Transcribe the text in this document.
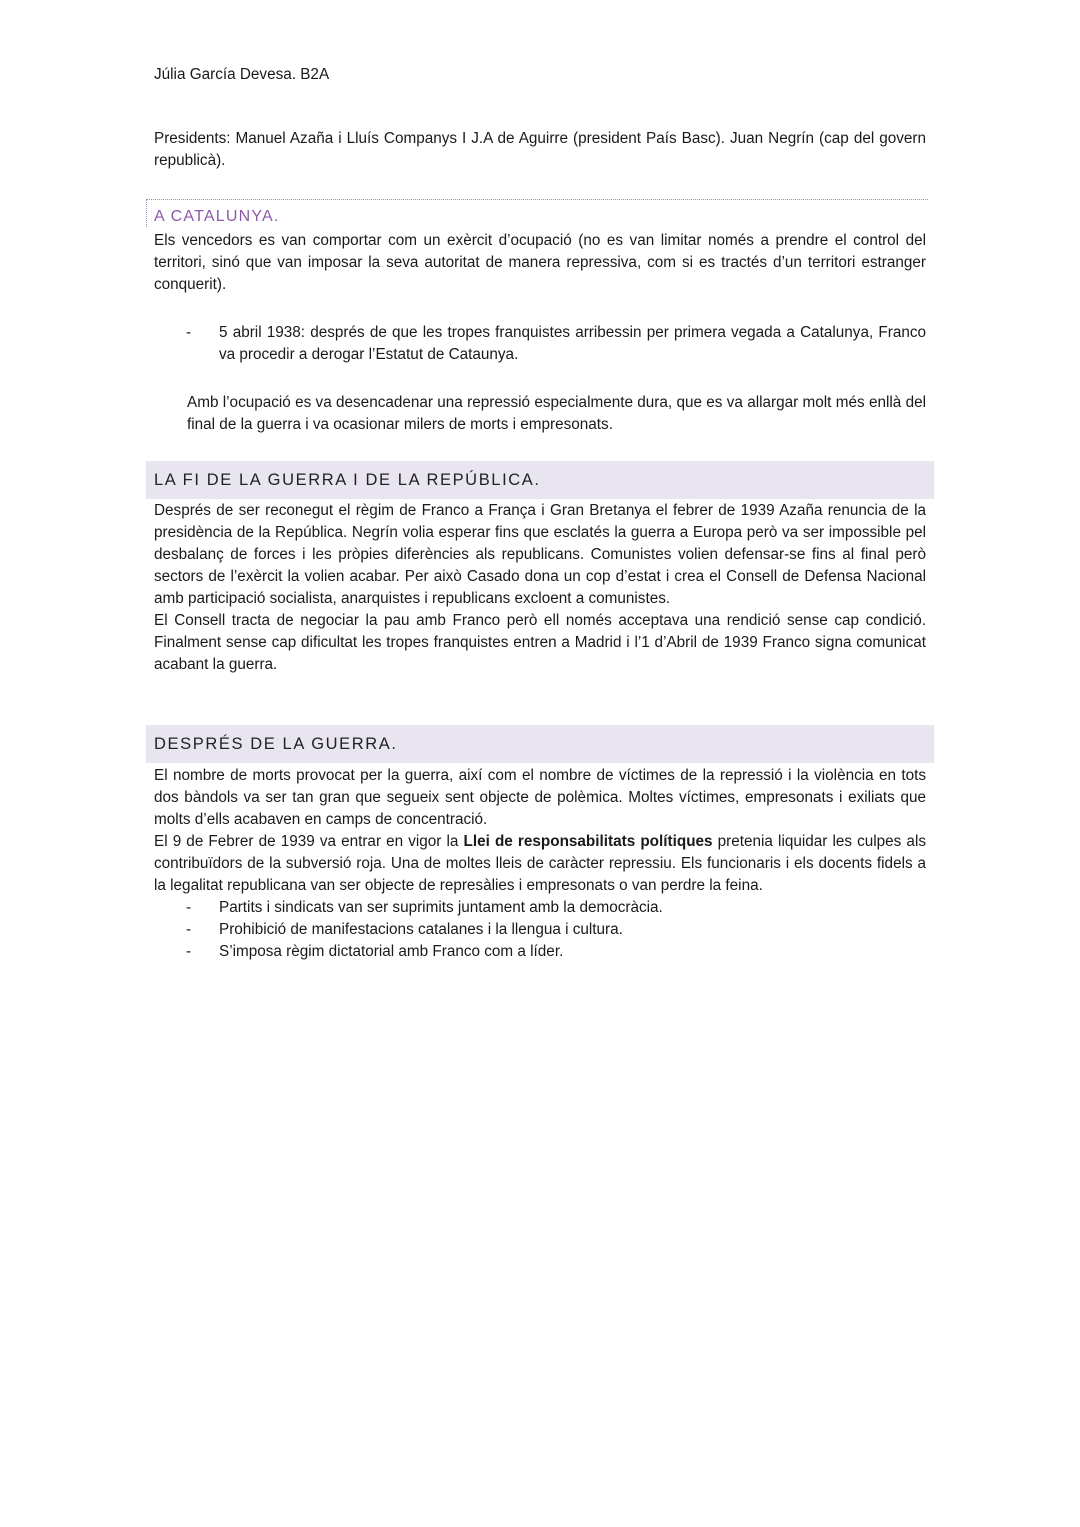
Júlia García Devesa. B2A
Presidents: Manuel Azaña i Lluís Companys I J.A de Aguirre (president País Basc). Juan Negrín (cap del govern republicà).
A CATALUNYA.
Els vencedors es van comportar com un exèrcit d’ocupació (no es van limitar només a prendre el control del territori, sinó que van imposar la seva autoritat de manera repressiva, com si es tractés d’un territori estranger conquerit).
- 5 abril 1938: després de que les tropes franquistes arribessin per primera vegada a Catalunya, Franco va procedir a derogar l’Estatut de Cataunya.
Amb l’ocupació es va desencadenar una repressió especialmente dura, que es va allargar molt més enllà del final de la guerra i va ocasionar milers de morts i empresonats.
LA FI DE LA GUERRA I DE LA REPÚBLICA.

Després de ser reconegut el règim de Franco a França i Gran Bretanya el febrer de 1939 Azaña renuncia de la presidència de la República. Negrín volia esperar fins que esclatés la guerra a Europa però va ser impossible pel desbalanç de forces i les pròpies diferències als republicans. Comunistes volien defensar-se fins al final però sectors de l’exèrcit la volien acabar. Per això Casado dona un cop d’estat i crea el Consell de Defensa Nacional amb participació socialista, anarquistes i republicans excloent a comunistes.

El Consell tracta de negociar la pau amb Franco però ell només acceptava una rendició sense cap condició. Finalment sense cap dificultat les tropes franquistes entren a Madrid i l’1 d’Abril de 1939 Franco signa comunicat acabant la guerra.

DESPRÉS DE LA GUERRA.

El nombre de morts provocat per la guerra, així com el nombre de víctimes de la repressió i la violència en tots dos bàndols va ser tan gran que segueix sent objecte de polèmica. Moltes víctimes, empresonats i exiliats que molts d’ells acabaven en camps de concentració.

El 9 de Febrer de 1939 va entrar en vigor la Llei de responsabilitats polítiques pretenia liquidar les culpes als contribuïdors de la subversió roja. Una de moltes lleis de caràcter repressiu. Els funcionaris i els docents fidels a la legalitat republicana van ser objecte de represàlies i empresonats o van perdre la feina.

- Partits i sindicats van ser suprimits juntament amb la democràcia.
- Prohibició de manifestacions catalanes i la llengua i cultura.
- S’imposa règim dictatorial amb Franco com a líder.
